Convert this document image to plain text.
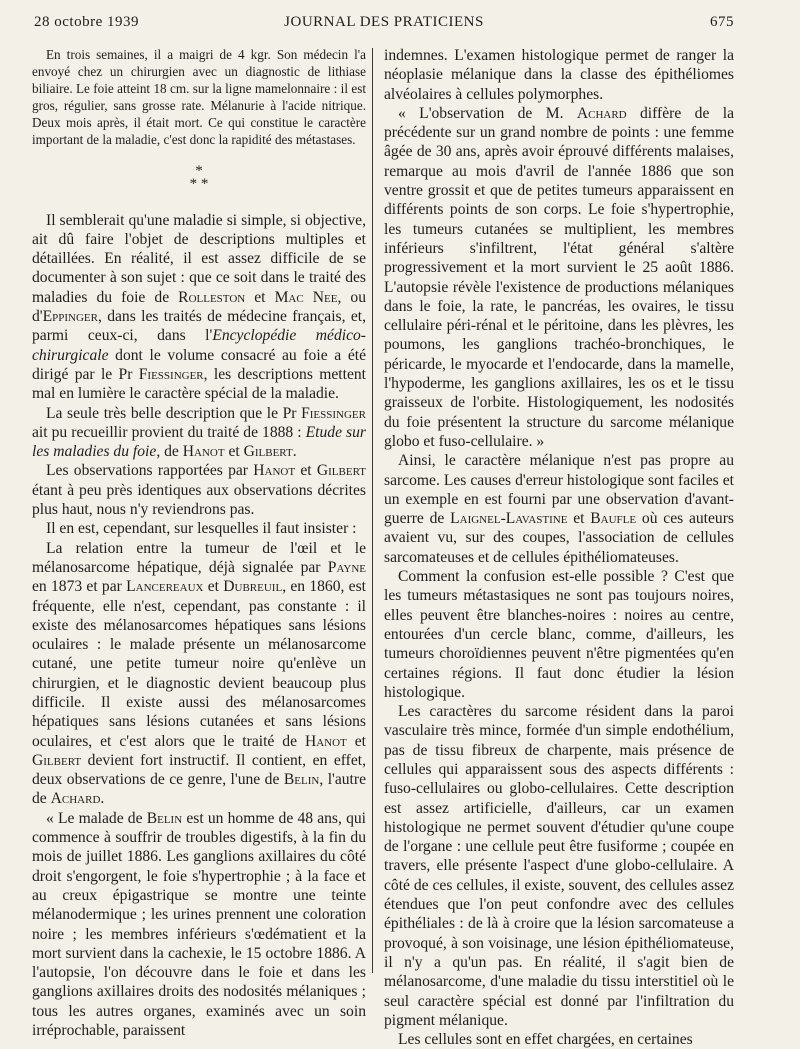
28 octobre 1939	JOURNAL DES PRATICIENS	675

En trois semaines, il a maigri de 4 kgr. Son médecin l'a envoyé chez un chirurgien avec un diagnostic de lithiase biliaire. Le foie atteint 18 cm. sur la ligne mamelonnaire : il est gros, régulier, sans grosse rate. Mélanurie à l'acide nitrique. Deux mois après, il était mort. Ce qui constitue le caractère important de la maladie, c'est donc la rapidité des métastases.

*
* *

Il semblerait qu'une maladie si simple, si objective, ait dû faire l'objet de descriptions multiples et détaillées. En réalité, il est assez difficile de se documenter à son sujet : que ce soit dans le traité des maladies du foie de Rolleston et Mac Nee, ou d'Eppinger, dans les traités de médecine français, et, parmi ceux-ci, dans l'Encyclopédie médico-chirurgicale dont le volume consacré au foie a été dirigé par le Pr Fiessinger, les descriptions mettent mal en lumière le caractère spécial de la maladie.

La seule très belle description que le Pr Fiessinger ait pu recueillir provient du traité de 1888 : Etude sur les maladies du foie, de Hanot et Gilbert.

Les observations rapportées par Hanot et Gilbert étant à peu près identiques aux observations décrites plus haut, nous n'y reviendrons pas.

Il en est, cependant, sur lesquelles il faut insister :

La relation entre la tumeur de l'œil et le mélanosarcome hépatique, déjà signalée par Payne en 1873 et par Lancereaux et Dubreuil, en 1860, est fréquente, elle n'est, cependant, pas constante : il existe des mélanosarcomes hépatiques sans lésions oculaires : le malade présente un mélanosarcome cutané, une petite tumeur noire qu'enlève un chirurgien, et le diagnostic devient beaucoup plus difficile. Il existe aussi des mélanosarcomes hépatiques sans lésions cutanées et sans lésions oculaires, et c'est alors que le traité de Hanot et Gilbert devient fort instructif. Il contient, en effet, deux observations de ce genre, l'une de Belin, l'autre de Achard.

« Le malade de Belin est un homme de 48 ans, qui commence à souffrir de troubles digestifs, à la fin du mois de juillet 1886. Les ganglions axillaires du côté droit s'engorgent, le foie s'hypertrophie ; à la face et au creux épigastrique se montre une teinte mélanodermique ; les urines prennent une coloration noire ; les membres inférieurs s'œdématient et la mort survient dans la cachexie, le 15 octobre 1886. A l'autopsie, l'on découvre dans le foie et dans les ganglions axillaires droits des nodosités mélaniques ; tous les autres organes, examinés avec un soin irréprochable, paraissent

indemnes. L'examen histologique permet de ranger la néoplasie mélanique dans la classe des épithéliomes alvéolaires à cellules polymorphes.

« L'observation de M. Achard diffère de la précédente sur un grand nombre de points : une femme âgée de 30 ans, après avoir éprouvé différents malaises, remarque au mois d'avril de l'année 1886 que son ventre grossit et que de petites tumeurs apparaissent en différents points de son corps. Le foie s'hypertrophie, les tumeurs cutanées se multiplient, les membres inférieurs s'infiltrent, l'état général s'altère progressivement et la mort survient le 25 août 1886. L'autopsie révèle l'existence de productions mélaniques dans le foie, la rate, le pancréas, les ovaires, le tissu cellulaire péri-rénal et le péritoine, dans les plèvres, les poumons, les ganglions trachéo-bronchiques, le péricarde, le myocarde et l'endocarde, dans la mamelle, l'hypoderme, les ganglions axillaires, les os et le tissu graisseux de l'orbite. Histologiquement, les nodosités du foie présentent la structure du sarcome mélanique globo et fuso-cellulaire. »

Ainsi, le caractère mélanique n'est pas propre au sarcome. Les causes d'erreur histologique sont faciles et un exemple en est fourni par une observation d'avant-guerre de Laignel-Lavastine et Baufle où ces auteurs avaient vu, sur des coupes, l'association de cellules sarcomateuses et de cellules épithéliomateuses.

Comment la confusion est-elle possible ? C'est que les tumeurs métastasiques ne sont pas toujours noires, elles peuvent être blanches-noires : noires au centre, entourées d'un cercle blanc, comme, d'ailleurs, les tumeurs choroïdiennes peuvent n'être pigmentées qu'en certaines régions. Il faut donc étudier la lésion histologique.

Les caractères du sarcome résident dans la paroi vasculaire très mince, formée d'un simple endothélium, pas de tissu fibreux de charpente, mais présence de cellules qui apparaissent sous des aspects différents : fuso-cellulaires ou globo-cellulaires. Cette description est assez artificielle, d'ailleurs, car un examen histologique ne permet souvent d'étudier qu'une coupe de l'organe : une cellule peut être fusiforme ; coupée en travers, elle présente l'aspect d'une globo-cellulaire. A côté de ces cellules, il existe, souvent, des cellules assez étendues que l'on peut confondre avec des cellules épithéliales : de là à croire que la lésion sarcomateuse a provoqué, à son voisinage, une lésion épithéliomateuse, il n'y a qu'un pas. En réalité, il s'agit bien de mélanosarcome, d'une maladie du tissu interstitiel où le seul caractère spécial est donné par l'infiltration du pigment mélanique.

Les cellules sont en effet chargées, en certaines
